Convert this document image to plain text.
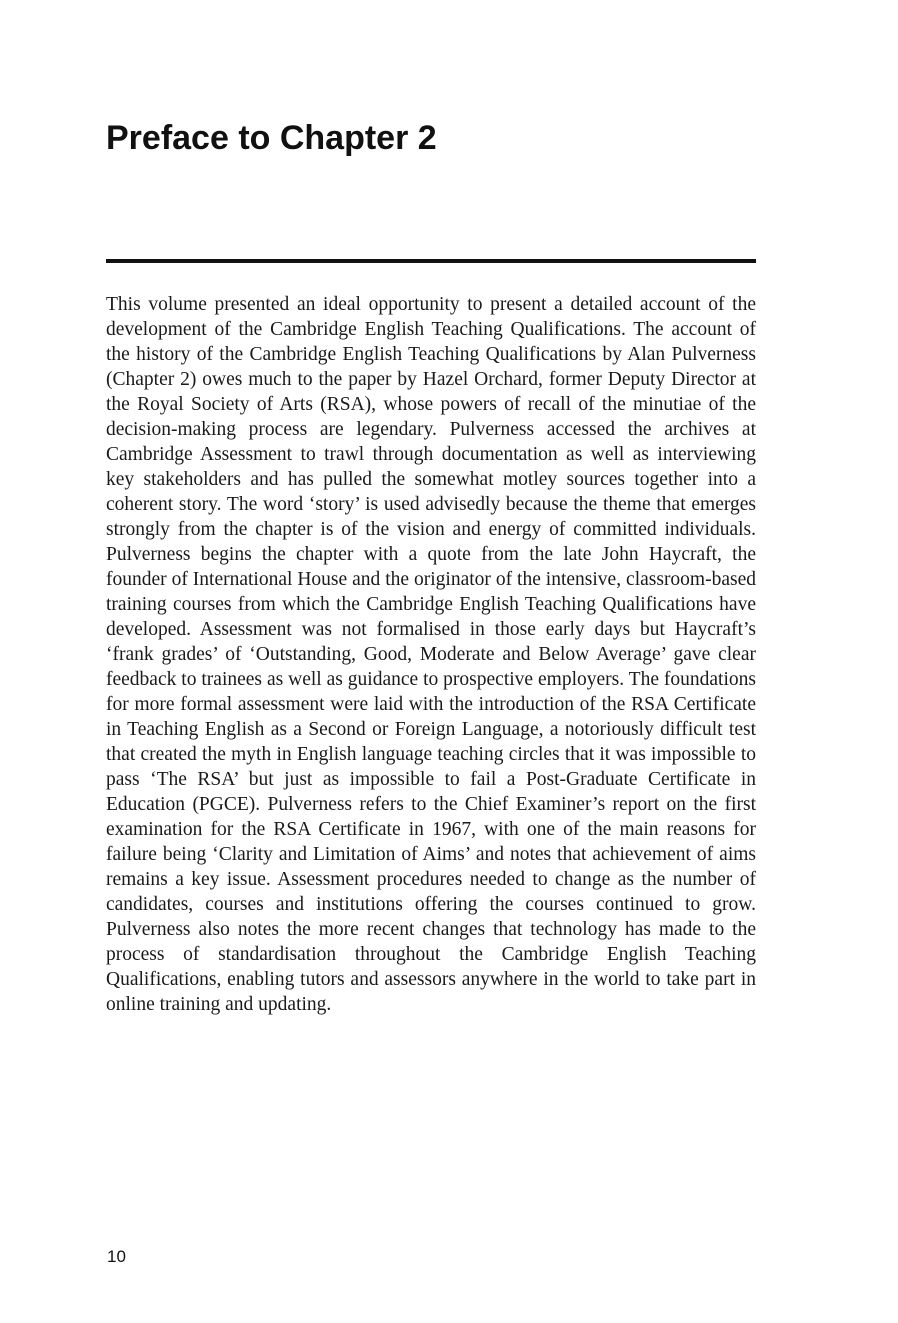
Preface to Chapter 2

This volume presented an ideal opportunity to present a detailed account of the development of the Cambridge English Teaching Qualifications. The account of the history of the Cambridge English Teaching Qualifications by Alan Pulverness (Chapter 2) owes much to the paper by Hazel Orchard, former Deputy Director at the Royal Society of Arts (RSA), whose powers of recall of the minutiae of the decision-making process are legendary. Pulverness accessed the archives at Cambridge Assessment to trawl through documentation as well as interviewing key stakeholders and has pulled the somewhat motley sources together into a coherent story. The word ‘story’ is used advisedly because the theme that emerges strongly from the chapter is of the vision and energy of committed individuals. Pulverness begins the chapter with a quote from the late John Haycraft, the founder of International House and the originator of the intensive, classroom-based training courses from which the Cambridge English Teaching Qualifications have developed. Assessment was not formalised in those early days but Haycraft’s ‘frank grades’ of ‘Outstanding, Good, Moderate and Below Average’ gave clear feedback to trainees as well as guidance to prospective employers. The foundations for more formal assessment were laid with the introduction of the RSA Certificate in Teaching English as a Second or Foreign Language, a notoriously difficult test that created the myth in English language teaching circles that it was impossible to pass ‘The RSA’ but just as impossible to fail a Post-Graduate Certificate in Education (PGCE). Pulverness refers to the Chief Examiner’s report on the first examination for the RSA Certificate in 1967, with one of the main reasons for failure being ‘Clarity and Limitation of Aims’ and notes that achievement of aims remains a key issue. Assessment procedures needed to change as the number of candidates, courses and institutions offering the courses continued to grow. Pulverness also notes the more recent changes that technology has made to the process of standardisation throughout the Cambridge English Teaching Qualifications, enabling tutors and assessors anywhere in the world to take part in online training and updating.

10
